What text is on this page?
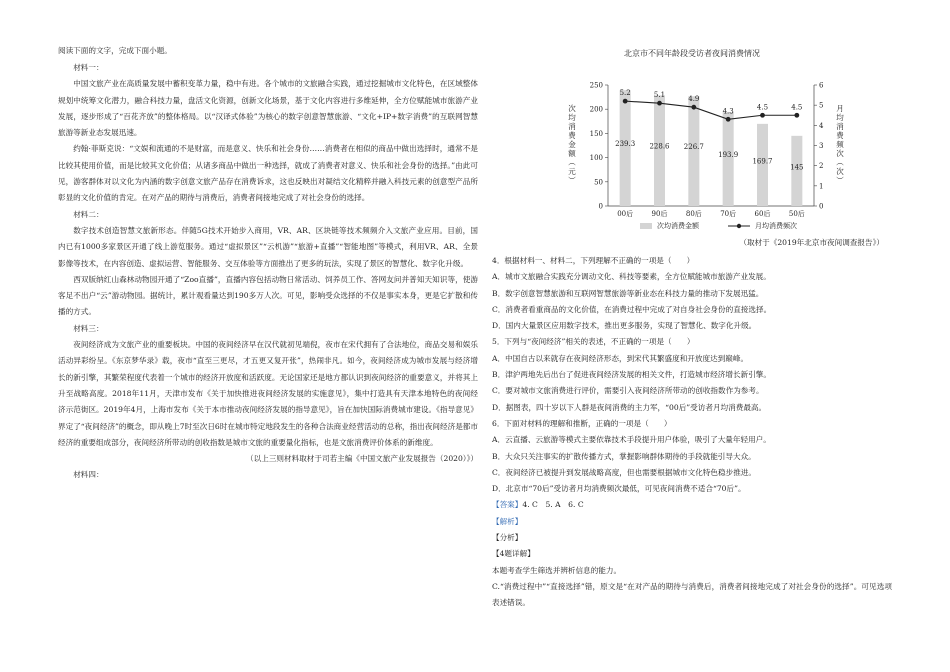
阅读下面的文字，完成下面小题。

材料一：

中国文旅产业在高质量发展中蓄积变革力量，稳中有进。各个城市的文旅融合实践，通过挖掘城市文化特色，在区域整体规划中统筹文化潜力，融合科技力量，盘活文化资源，创新文化场景，基于文化内容进行多维延伸，全方位赋能城市旅游产业发展，逐步形成了“百花齐放”的整体格局。以“汉译式体验”为核心的数字创意智慧旅游、“文化+IP+数字消费”的互联网智慧旅游等新业态发展迅速。

约翰·菲斯克说：“文娱和流通的不是财富，而是意义、快乐和社会身份……消费者在相似的商品中做出选择时，通常不是比较其使用价值，而是比较其文化价值；从诸多商品中做出一种选择，就成了消费者对意义、快乐和社会身份的选择。”由此可见，游客群体对以文化为内涵的数字创意文旅产品存在消费诉求，这也反映出对凝结文化精粹并融入科技元素的创意型产品所彰显的文化价值的肯定。在对产品的期待与消费后，消费者间接地完成了对社会身份的选择。

材料二：

数字技术创造智慧文旅新形态。伴随5G技术开始步入商用，VR、AR、区块链等技术频频介入文旅产业应用。目前，国内已有1000多家景区开通了线上游览服务。通过“虚拟景区”“云机游”“旅游+直播”“智能地图”等模式，利用VR、AR、全景影像等技术，在内容创造、虚拟运营、智能服务、交互体验等方面推出了更多的玩法，实现了景区的智慧化、数字化升级。

西双版纳红山森林动物园开通了“Zoo直播”，直播内容包括动物日常活动、饲养员工作、答网友问并普知天知识等，使游客足不出户“云”游动物园。据统计，累计观看量达到190多万人次。可见，影响受众选择的不仅是事实本身，更是它扩散和传播的方式。

材料三：

夜间经济成为文旅产业的重要板块。中国的夜间经济早在汉代就初见端倪，夜市在宋代拥有了合法地位，商品交易和娱乐活动异彩纷呈。《东京梦华录》载，夜市“直至三更尽，才五更又复开张”，热闹非凡。如今，夜间经济成为城市发展与经济增长的新引擎，其繁荣程度代表着一个城市的经济开放度和活跃度。无论国家还是地方都认识到夜间经济的重要意义，并将其上升至战略高度。2018年11月，天津市发布《关于加快推进夜间经济发展的实施意见》，集中打造具有天津本地特色的夜间经济示范街区。2019年4月，上海市发布《关于本市推动夜间经济发展的指导意见》，旨在加快国际消费城市建设。《指导意见》界定了“夜间经济”的概念，即从晚上7时至次日6时在城市特定地段发生的各种合法商业经营活动的总称，指出夜间经济是都市经济的重要组成部分，夜间经济所带动的创收指数是城市文旅的重要量化指标，也是文旅消费评价体系的新维度。

（以上三则材料取材于司若主编《中国文旅产业发展报告（2020）》）

材料四：

北京市不同年龄段受访者夜间消费情况
0
50
100
150
200
250
0
1
2
3
4
5
6
次
均
消
费
金
额
（
元
）
月
均
消
费
频
次
（
次
）
239.3 228.6 226.7
193.9
169.7
145
00后	90后	80后	70后	60后	50后
5.2	5.1
4.9
4.3
4.5	4.5
次均消费金额	月均消费频次
（取材于《2019年北京市夜间调查报告》）

4．根据材料一、材料二，下列理解不正确的一项是（　　）

A．城市文旅融合实践充分调动文化、科技等要素，全方位赋能城市旅游产业发展。

B．数字创意智慧旅游和互联网智慧旅游等新业态在科技力量的推动下发展迅猛。

C．消费者看重商品的文化价值，在消费过程中完成了对自身社会身份的直接选择。

D．国内大量景区应用数字技术，推出更多服务，实现了智慧化、数字化升级。

5．下列与“夜间经济”相关的表述，不正确的一项是（　　）

A．中国自古以来就存在夜间经济形态，到宋代其繁盛度和开放度达到巅峰。

B．津沪两地先后出台了促进夜间经济发展的相关文件，打造城市经济增长新引擎。

C．要对城市文旅消费进行评价，需要引入夜间经济所带动的创收指数作为参考。

D．据图表，四十岁以下人群是夜间消费的主力军，“00后”受访者月均消费最高。

6．下面对材料的理解和推断，正确的一项是（　　）

A．云直播、云旅游等模式主要依靠技术手段提升用户体验，吸引了大量年轻用户。

B．大众只关注事实的扩散传播方式，掌握影响群体期待的手段就能引导大众。

C．夜间经济已被提升到发展战略高度，但也需要根据城市文化特色稳步推进。

D．北京市“70后”受访者月均消费频次最低，可见夜间消费不适合“70后”。

【答案】4. C　5. A　6. C

【解析】

【分析】

【4题详解】

本题考查学生筛选并辨析信息的能力。

C.“消费过程中”“直接选择”错，原文是“在对产品的期待与消费后，消费者间接地完成了对社会身份的选择”。可见选项表述错误。
